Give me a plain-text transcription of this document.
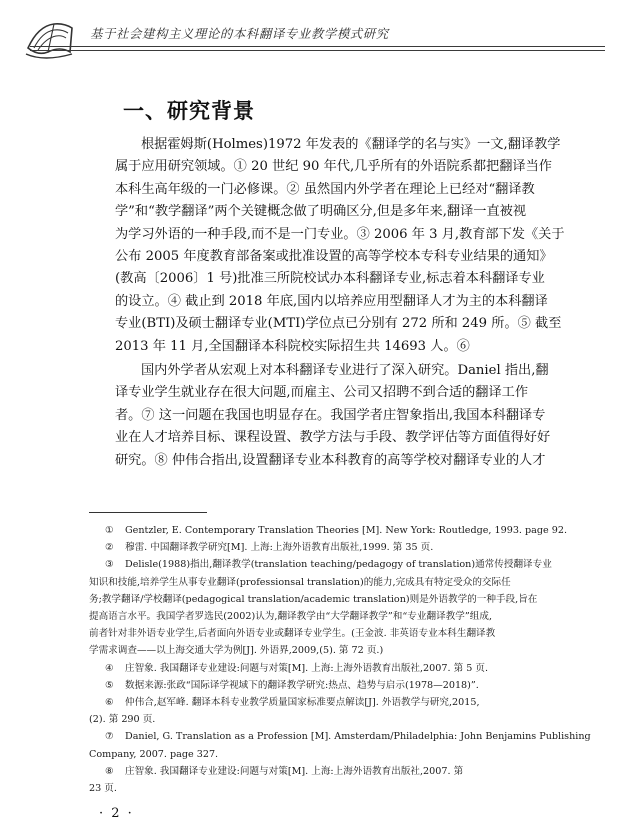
基于社会建构主义理论的本科翻译专业教学模式研究
一、研究背景

根据霍姆斯(Holmes)1972 年发表的《翻译学的名与实》一文,翻译教学
属于应用研究领域。① 20 世纪 90 年代,几乎所有的外语院系都把翻译当作
本科生高年级的一门必修课。② 虽然国内外学者在理论上已经对“翻译教
学”和“教学翻译”两个关键概念做了明确区分,但是多年来,翻译一直被视
为学习外语的一种手段,而不是一门专业。③ 2006 年 3 月,教育部下发《关于
公布 2005 年度教育部备案或批准设置的高等学校本专科专业结果的通知》
(教高〔2006〕1 号)批准三所院校试办本科翻译专业,标志着本科翻译专业
的设立。④ 截止到 2018 年底,国内以培养应用型翻译人才为主的本科翻译
专业(BTI)及硕士翻译专业(MTI)学位点已分别有 272 所和 249 所。⑤ 截至
2013 年 11 月,全国翻译本科院校实际招生共 14693 人。⑥

国内外学者从宏观上对本科翻译专业进行了深入研究。Daniel 指出,翻
译专业学生就业存在很大问题,而雇主、公司又招聘不到合适的翻译工作
者。⑦ 这一问题在我国也明显存在。我国学者庄智象指出,我国本科翻译专
业在人才培养目标、课程设置、教学方法与手段、教学评估等方面值得好好
研究。⑧ 仲伟合指出,设置翻译专业本科教育的高等学校对翻译专业的人才

① Gentzler, E. Contemporary Translation Theories [M]. New York: Routledge, 1993. page 92.
② 穆雷. 中国翻译教学研究[M]. 上海:上海外语教育出版社,1999. 第 35 页.
③ Delisle(1988)指出,翻译教学(translation teaching/pedagogy of translation)通常传授翻译专业
知识和技能,培养学生从事专业翻译(professionsal translation)的能力,完成具有特定受众的交际任
务;教学翻译/学校翻译(pedagogical translation/academic translation)则是外语教学的一种手段,旨在
提高语言水平。我国学者罗选民(2002)认为,翻译教学由“大学翻译教学”和“专业翻译教学”组成,
前者针对非外语专业学生,后者面向外语专业或翻译专业学生。(王金波. 非英语专业本科生翻译教
学需求调查——以上海交通大学为例[J]. 外语界,2009,(5). 第 72 页.)
④ 庄智象. 我国翻译专业建设:问题与对策[M]. 上海:上海外语教育出版社,2007. 第 5 页.
⑤ 数据来源:张政“国际译学视域下的翻译教学研究:热点、趋势与启示(1978—2018)”.
⑥ 仲伟合,赵军峰. 翻译本科专业教学质量国家标准要点解读[J]. 外语教学与研究,2015,
(2). 第 290 页.
⑦ Daniel, G. Translation as a Profession [M]. Amsterdam/Philadelphia: John Benjamins Publishing
Company, 2007. page 327.
⑧ 庄智象. 我国翻译专业建设:问题与对策[M]. 上海:上海外语教育出版社,2007. 第
23 页.
· 2 ·
